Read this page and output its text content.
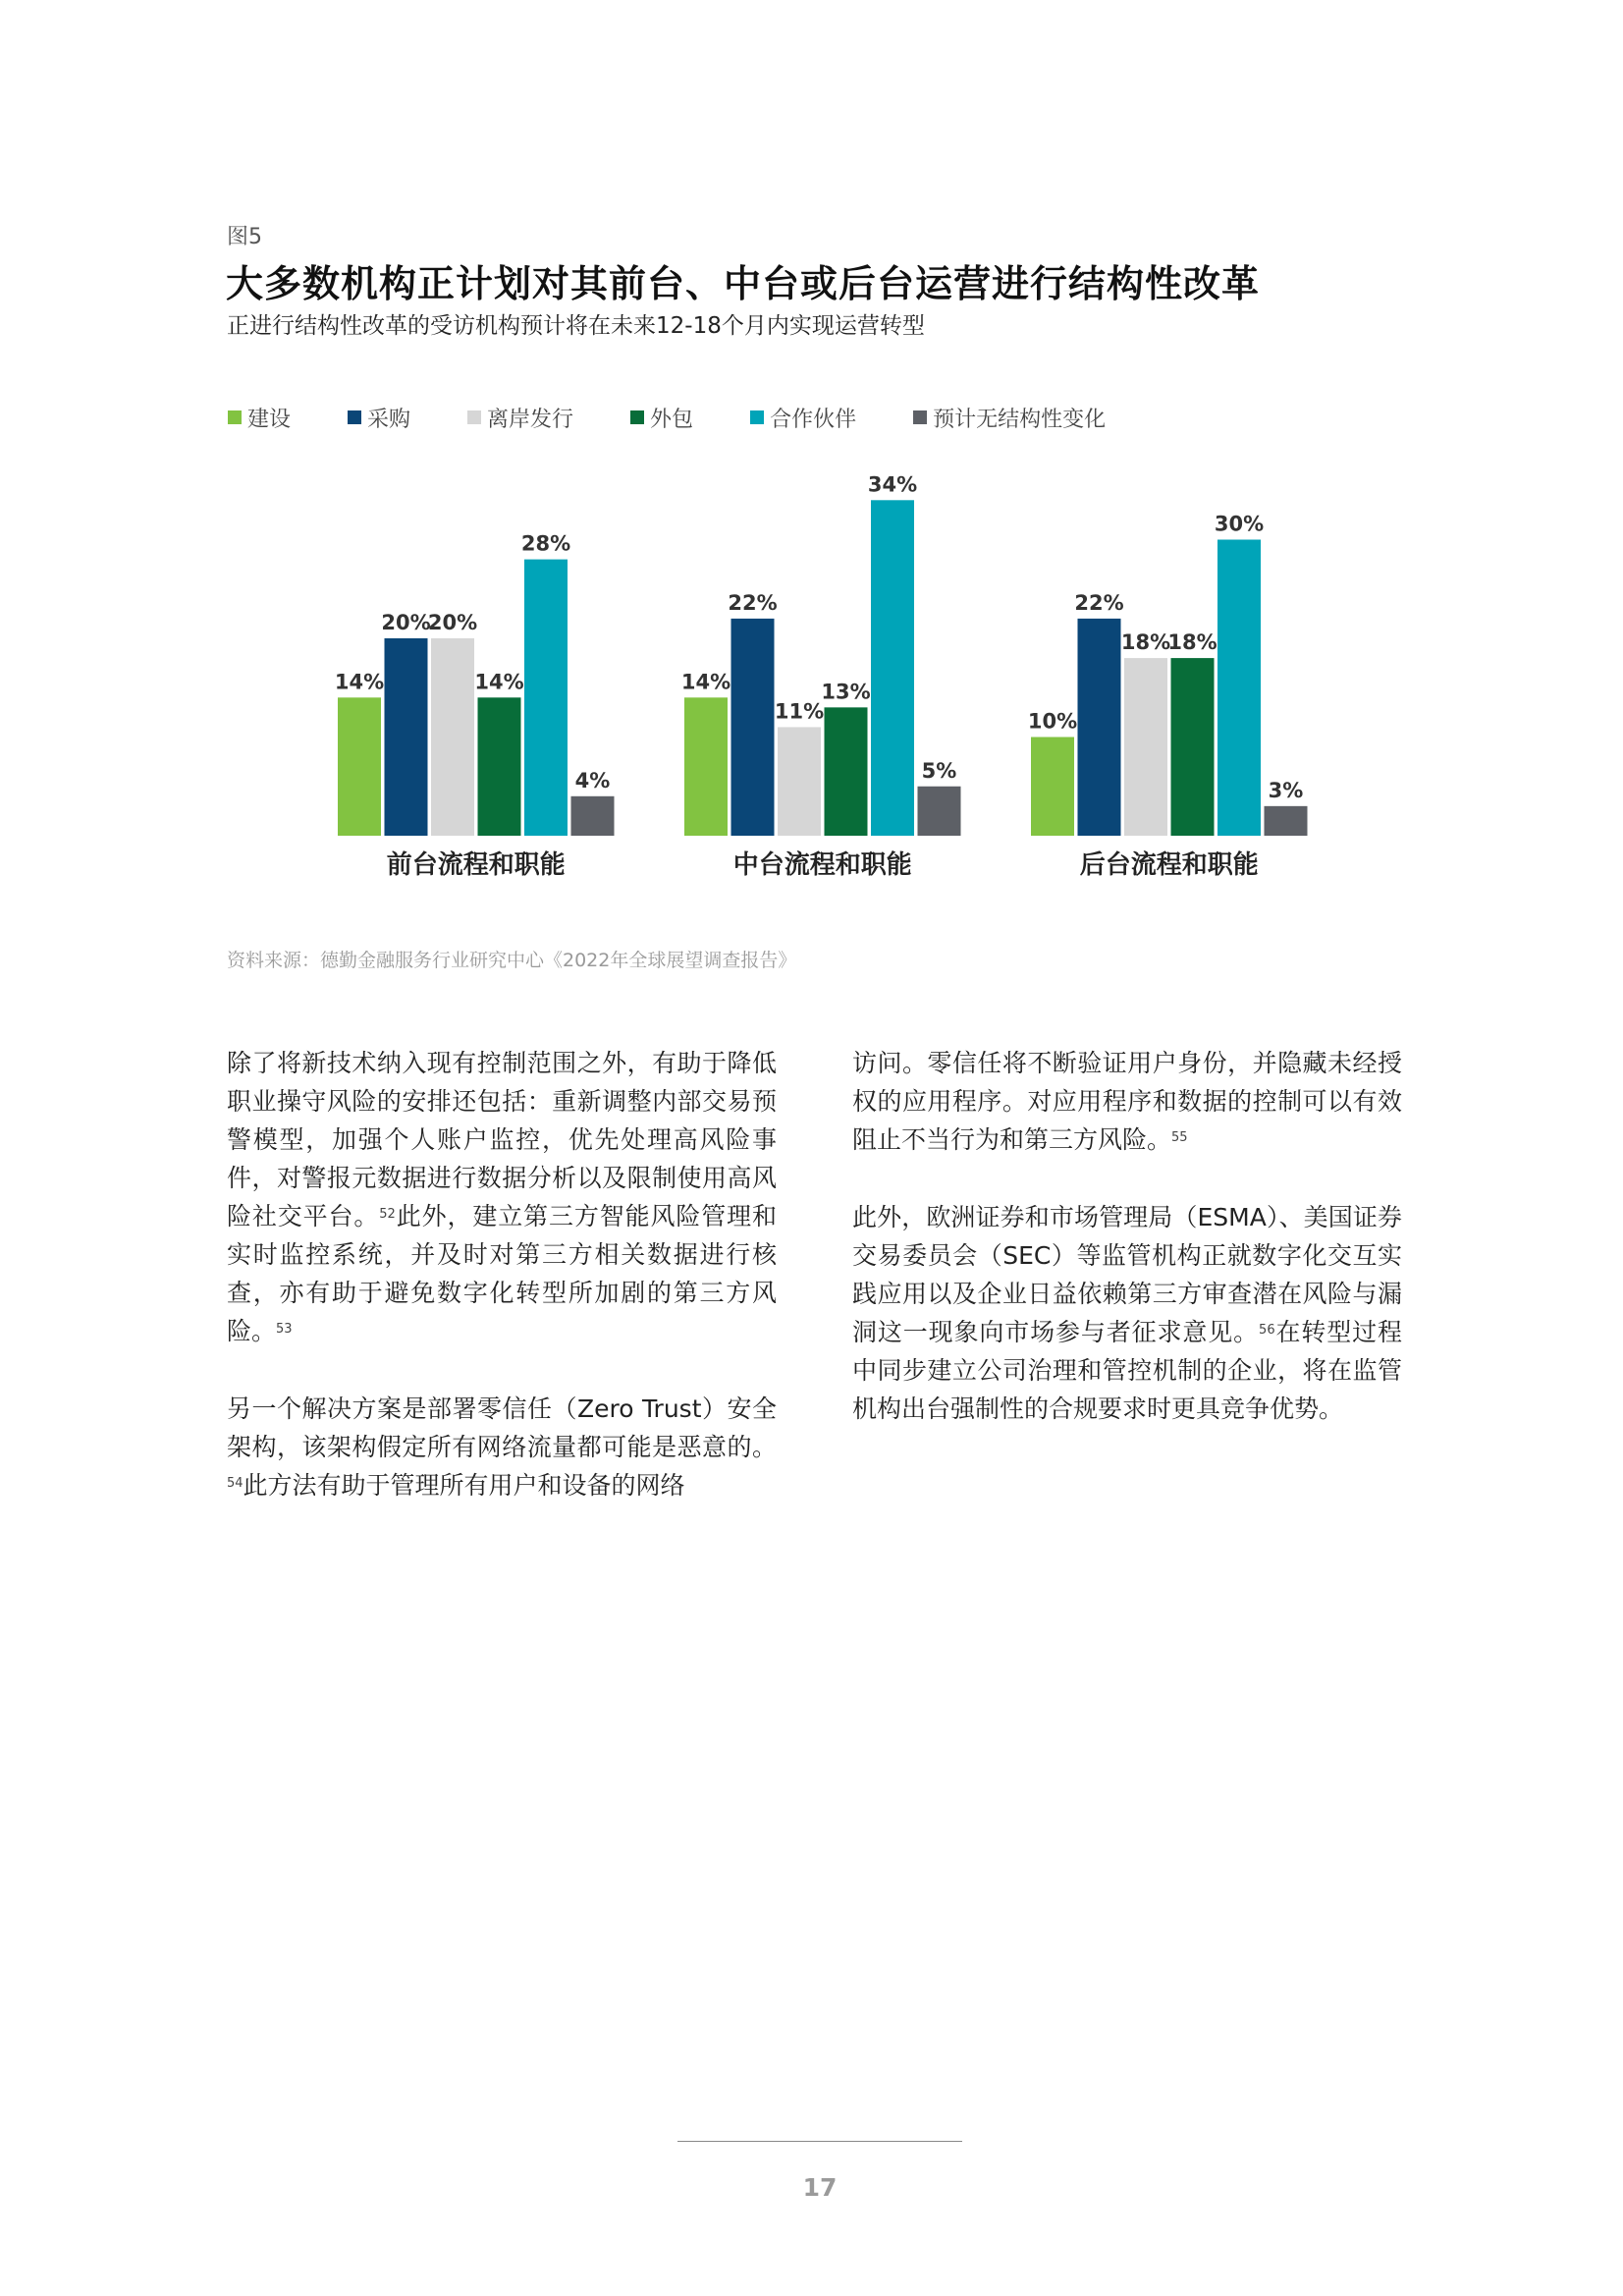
图5
大多数机构正计划对其前台、中台或后台运营进行结构性改革
正进行结构性改革的受访机构预计将在未来12-18个月内实现运营转型
建设	采购	离岸发行	外包	合作伙伴	预计无结构性变化
14%
20%
20%
14%
28%
4%
前台流程和职能
14%
22%
11%
13%
34%
5%
中台流程和职能
10%
22%
18%
18%
30%
3%
后台流程和职能
资料来源：德勤金融服务行业研究中心《2022年全球展望调查报告》

除了将新技术纳入现有控制范围之外，有助于降低职业操守风险的安排还包括：重新调整内部交易预警模型，加强个人账户监控，优先处理高风险事件，对警报元数据进行数据分析以及限制使用高风险社交平台。$^{52}$此外，建立第三方智能风险管理和实时监控系统，并及时对第三方相关数据进行核查，亦有助于避免数字化转型所加剧的第三方风险。$^{53}$

另一个解决方案是部署零信任（Zero Trust）安全架构，该架构假定所有网络流量都可能是恶意的。$^{54}$此方法有助于管理所有用户和设备的网络

访问。零信任将不断验证用户身份，并隐藏未经授权的应用程序。对应用程序和数据的控制可以有效阻止不当行为和第三方风险。$^{55}$

此外，欧洲证券和市场管理局（ESMA）、美国证券交易委员会（SEC）等监管机构正就数字化交互实践应用以及企业日益依赖第三方审查潜在风险与漏洞这一现象向市场参与者征求意见。$^{56}$在转型过程中同步建立公司治理和管控机制的企业，将在监管机构出台强制性的合规要求时更具竞争优势。

17
